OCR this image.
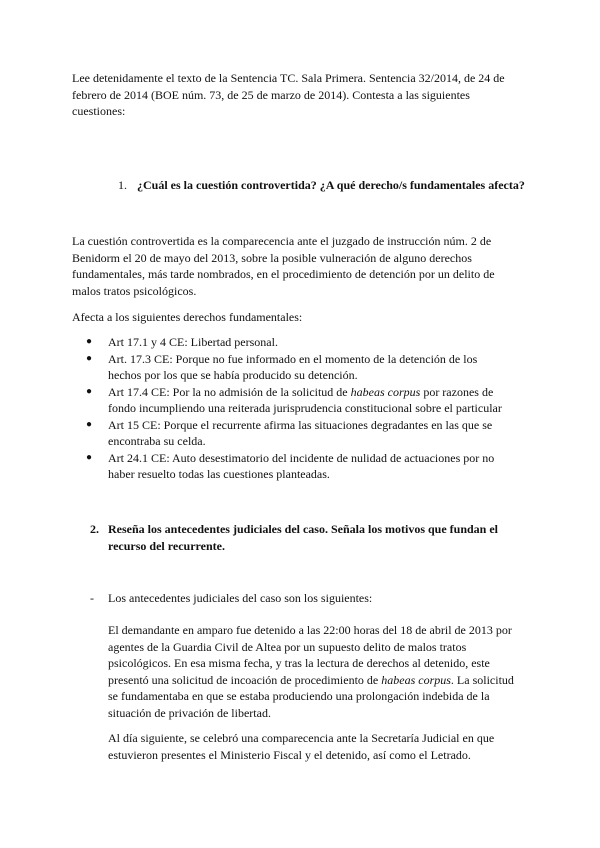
Lee detenidamente el texto de la Sentencia TC. Sala Primera. Sentencia 32/2014, de 24 de febrero de 2014 (BOE núm. 73, de 25 de marzo de 2014). Contesta a las siguientes cuestiones:

1. ¿Cuál es la cuestión controvertida? ¿A qué derecho/s fundamentales afecta?

La cuestión controvertida es la comparecencia ante el juzgado de instrucción núm. 2 de Benidorm el 20 de mayo del 2013, sobre la posible vulneración de alguno derechos fundamentales, más tarde nombrados, en el procedimiento de detención por un delito de malos tratos psicológicos.

Afecta a los siguientes derechos fundamentales:

● Art 17.1 y 4 CE: Libertad personal.
● Art. 17.3 CE: Porque no fue informado en el momento de la detención de los hechos por los que se había producido su detención.
● Art 17.4 CE: Por la no admisión de la solicitud de habeas corpus por razones de fondo incumpliendo una reiterada jurisprudencia constitucional sobre el particular
● Art 15 CE: Porque el recurrente afirma las situaciones degradantes en las que se encontraba su celda.
● Art 24.1 CE: Auto desestimatorio del incidente de nulidad de actuaciones por no haber resuelto todas las cuestiones planteadas.
2. Reseña los antecedentes judiciales del caso. Señala los motivos que fundan el recurso del recurrente.

- Los antecedentes judiciales del caso son los siguientes:

El demandante en amparo fue detenido a las 22:00 horas del 18 de abril de 2013 por agentes de la Guardia Civil de Altea por un supuesto delito de malos tratos psicológicos. En esa misma fecha, y tras la lectura de derechos al detenido, este presentó una solicitud de incoación de procedimiento de habeas corpus. La solicitud se fundamentaba en que se estaba produciendo una prolongación indebida de la situación de privación de libertad.

Al día siguiente, se celebró una comparecencia ante la Secretaría Judicial en que estuvieron presentes el Ministerio Fiscal y el detenido, así como el Letrado.
